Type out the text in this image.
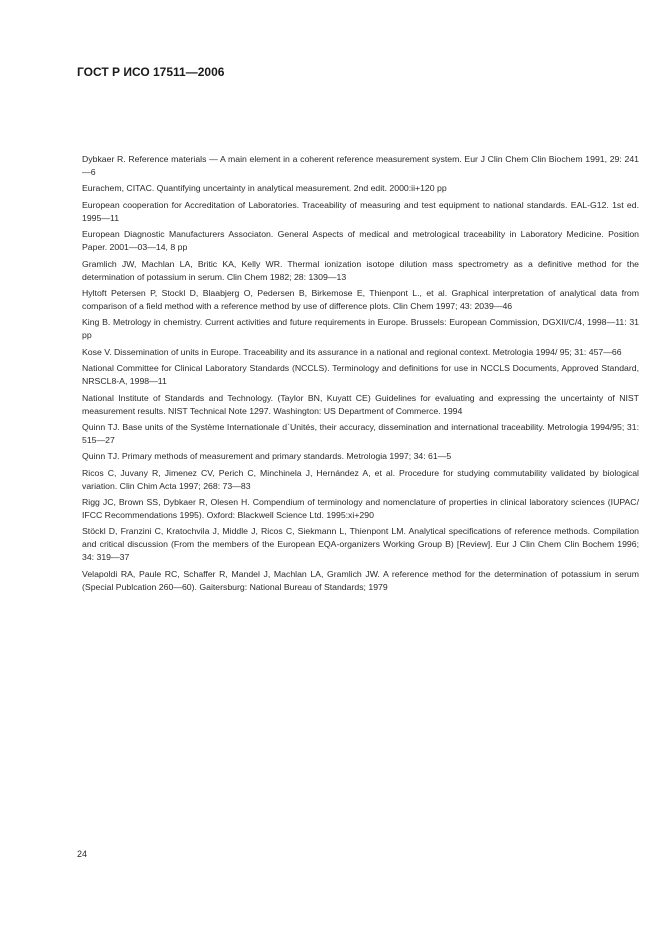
ГОСТ Р ИСО 17511—2006

Dybkaer R. Reference materials — A main element in a coherent reference measurement system. Eur J Clin Chem Clin Biochem 1991, 29: 241—6

Eurachem, CITAC. Quantifying uncertainty in analytical measurement. 2nd edit. 2000:ii+120 pp

European cooperation for Accreditation of Laboratories. Traceability of measuring and test equipment to national standards. EAL-G12. 1st ed. 1995—11

European Diagnostic Manufacturers Associaton. General Aspects of medical and metrological traceability in Laboratory Medicine. Position Paper. 2001—03—14, 8 pp

Gramlich JW, Machlan LA, Britic KA, Kelly WR. Thermal ionization isotope dilution mass spectrometry as a definitive method for the determination of potassium in serum. Clin Chem 1982; 28: 1309—13

Hyltoft Petersen P, Stockl D, Blaabjerg O, Pedersen B, Birkemose E, Thienpont L., et al. Graphical interpretation of analytical data from comparison of a field method with a reference method by use of difference plots. Clin Chem 1997; 43: 2039—46

King B. Metrology in chemistry. Current activities and future requirements in Europe. Brussels: European Commission, DGXII/C/4, 1998—11: 31 pp

Kose V. Dissemination of units in Europe. Traceability and its assurance in a national and regional context. Metrologia 1994/ 95; 31: 457—66

National Committee for Clinical Laboratory Standards (NCCLS). Terminology and definitions for use in NCCLS Documents, Approved Standard, NRSCL8-A, 1998—11

National Institute of Standards and Technology. (Taylor BN, Kuyatt CE) Guidelines for evaluating and expressing the uncertainty of NIST measurement results. NIST Technical Note 1297. Washington: US Department of Commerce. 1994

Quinn TJ. Base units of the Système Internationale d`Unités, their accuracy, dissemination and international traceability. Metrologia 1994/95; 31: 515—27

Quinn TJ. Primary methods of measurement and primary standards. Metrologia 1997; 34: 61—5

Ricos C, Juvany R, Jimenez CV, Perich C, Minchinela J, Hernández A, et al. Procedure for studying commutability validated by biological variation. Clin Chim Acta 1997; 268: 73—83

Rigg JC, Brown SS, Dybkaer R, Olesen H. Compendium of terminology and nomenclature of properties in clinical laboratory sciences (IUPAC/ IFCC Recommendations 1995). Oxford: Blackwell Science Ltd. 1995:xi+290

Stöckl D, Franzini C, Kratochvila J, Middle J, Ricos C, Siekmann L, Thienpont LM. Analytical specifications of reference methods. Compilation and critical discussion (From the members of the European EQA-organizers Working Group B) [Review]. Eur J Clin Chem Clin Bochem 1996; 34: 319—37

Velapoldi RA, Paule RC, Schaffer R, Mandel J, Machlan LA, Gramlich JW. A reference method for the determination of potassium in serum (Special Publcation 260—60). Gaitersburg: National Bureau of Standards; 1979

24
